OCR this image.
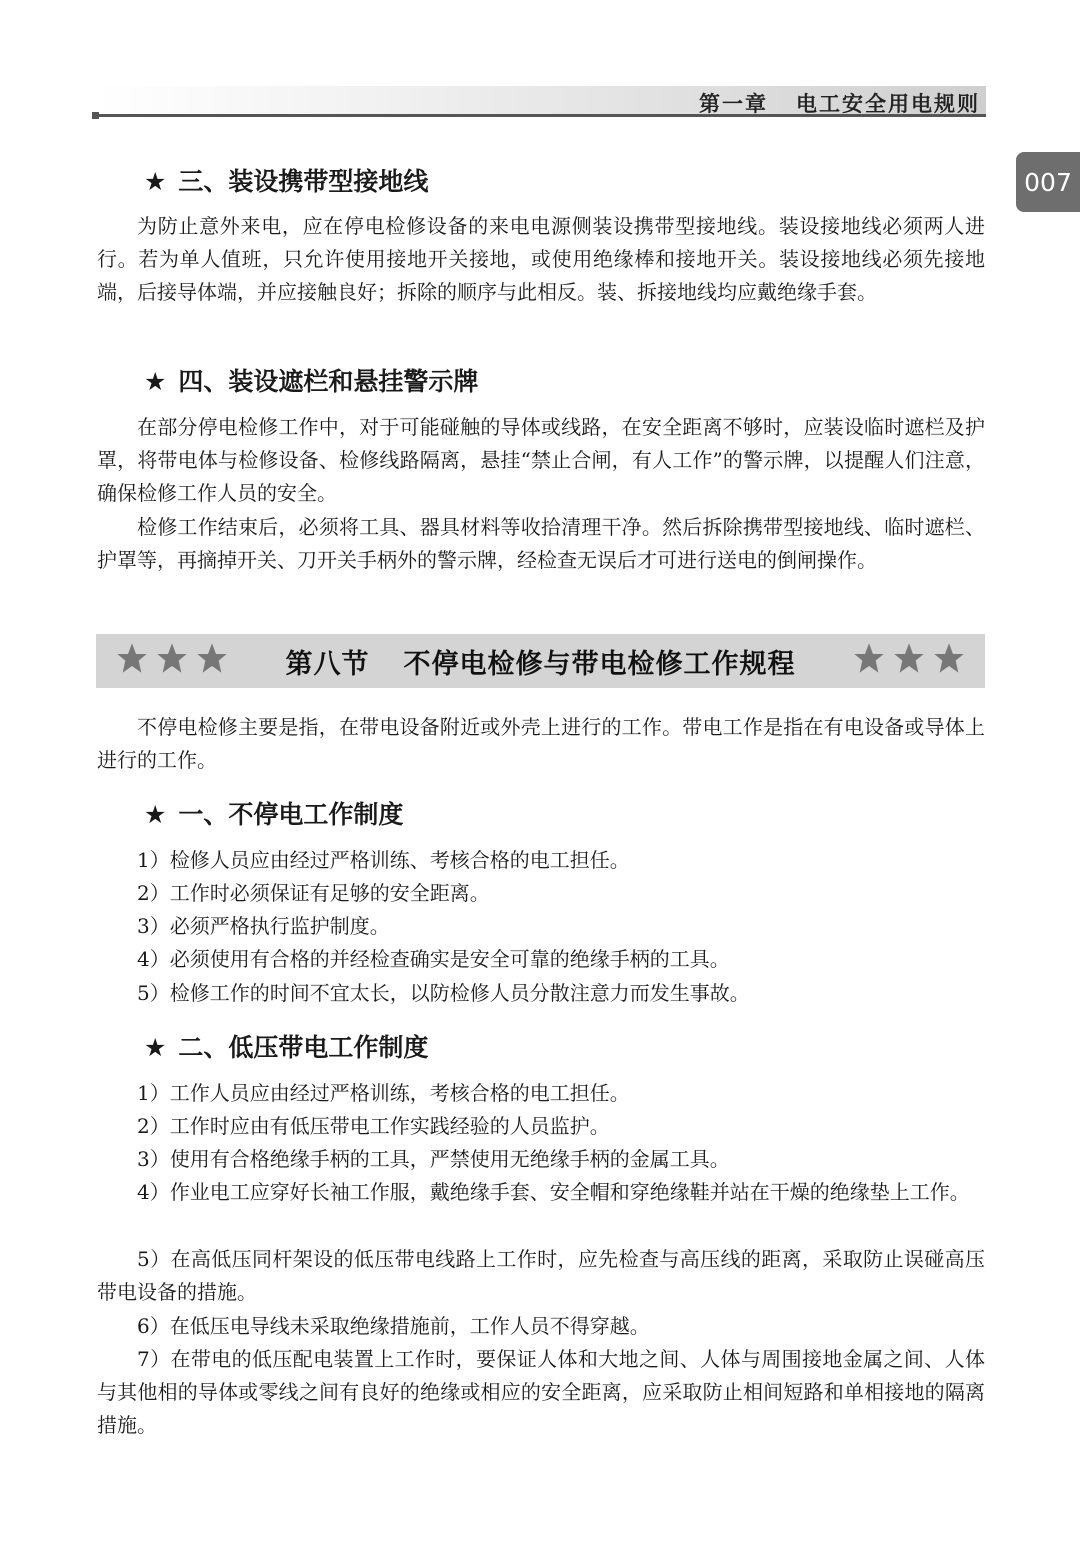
第一章 电工安全用电规则
007
★ 三、装设携带型接地线

为防止意外来电，应在停电检修设备的来电电源侧装设携带型接地线。装设接地线必须两人进行。若为单人值班，只允许使用接地开关接地，或使用绝缘棒和接地开关。装设接地线必须先接地端，后接导体端，并应接触良好；拆除的顺序与此相反。装、拆接地线均应戴绝缘手套。

★ 四、装设遮栏和悬挂警示牌

在部分停电检修工作中，对于可能碰触的导体或线路，在安全距离不够时，应装设临时遮栏及护罩，将带电体与检修设备、检修线路隔离，悬挂“禁止合闸，有人工作”的警示牌，以提醒人们注意，确保检修工作人员的安全。

检修工作结束后，必须将工具、器具材料等收拾清理干净。然后拆除携带型接地线、临时遮栏、护罩等，再摘掉开关、刀开关手柄外的警示牌，经检查无误后才可进行送电的倒闸操作。

第八节 不停电检修与带电检修工作规程

不停电检修主要是指，在带电设备附近或外壳上进行的工作。带电工作是指在有电设备或导体上进行的工作。

★ 一、不停电工作制度

1）检修人员应由经过严格训练、考核合格的电工担任。

2）工作时必须保证有足够的安全距离。

3）必须严格执行监护制度。

4）必须使用有合格的并经检查确实是安全可靠的绝缘手柄的工具。

5）检修工作的时间不宜太长，以防检修人员分散注意力而发生事故。

★ 二、低压带电工作制度

1）工作人员应由经过严格训练，考核合格的电工担任。

2）工作时应由有低压带电工作实践经验的人员监护。

3）使用有合格绝缘手柄的工具，严禁使用无绝缘手柄的金属工具。

4）作业电工应穿好长袖工作服，戴绝缘手套、安全帽和穿绝缘鞋并站在干燥的绝缘垫上工作。

5）在高低压同杆架设的低压带电线路上工作时，应先检查与高压线的距离，采取防止误碰高压带电设备的措施。

6）在低压电导线未采取绝缘措施前，工作人员不得穿越。

7）在带电的低压配电装置上工作时，要保证人体和大地之间、人体与周围接地金属之间、人体与其他相的导体或零线之间有良好的绝缘或相应的安全距离，应采取防止相间短路和单相接地的隔离措施。
